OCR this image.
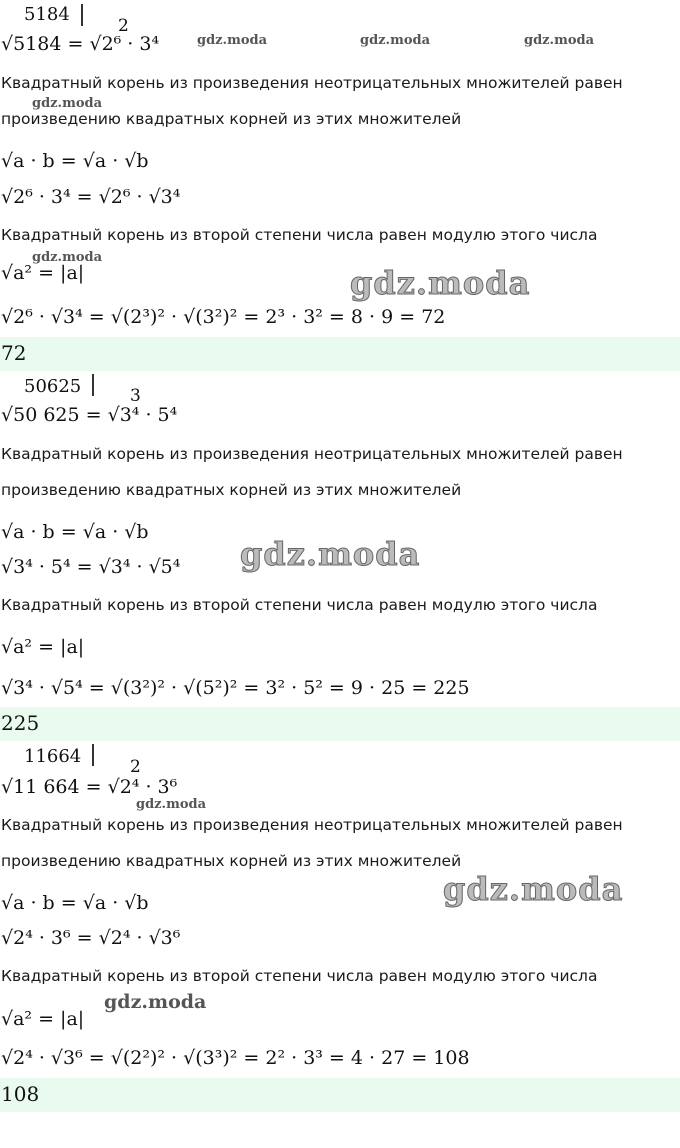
5184
2
√5184 = √2⁶ · 3⁴
Квадратный корень из произведения неотрицательных множителей равен
произведению квадратных корней из этих множителей
√a · b = √a · √b
√2⁶ · 3⁴ = √2⁶ · √3⁴
Квадратный корень из второй степени числа равен модулю этого числа
√a² = |a|
√2⁶ · √3⁴ = √(2³)² · √(3²)² = 2³ · 3² = 8 · 9 = 72
72
50625	3
√50 625 = √3⁴ · 5⁴
Квадратный корень из произведения неотрицательных множителей равен
произведению квадратных корней из этих множителей
√a · b = √a · √b
√3⁴ · 5⁴ = √3⁴ · √5⁴
Квадратный корень из второй степени числа равен модулю этого числа
√a² = |a|
√3⁴ · √5⁴ = √(3²)² · √(5²)² = 3² · 5² = 9 · 25 = 225
225
11664	2
√11 664 = √2⁴ · 3⁶
Квадратный корень из произведения неотрицательных множителей равен
произведению квадратных корней из этих множителей
√a · b = √a · √b
√2⁴ · 3⁶ = √2⁴ · √3⁶
Квадратный корень из второй степени числа равен модулю этого числа
√a² = |a|
√2⁴ · √3⁶ = √(2²)² · √(3³)² = 2² · 3³ = 4 · 27 = 108
108
gdz.moda	gdz.moda	gdz.moda
gdz.moda
gdz.moda
gdz.moda
gdz.moda
gdz.moda
gdz.moda
gdz.moda
